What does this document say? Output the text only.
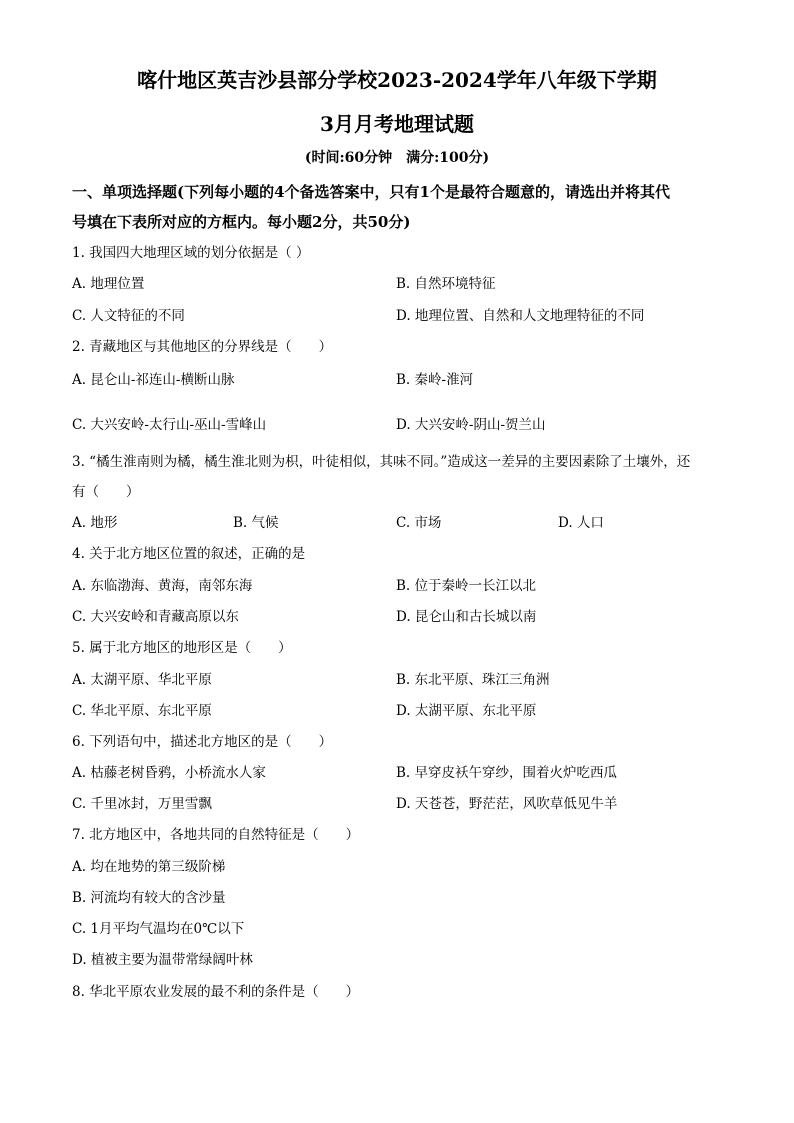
喀什地区英吉沙县部分学校2023-2024学年八年级下学期
3月月考地理试题
(时间:60分钟　满分:100分)
一、单项选择题(下列每小题的4个备选答案中，只有1个是最符合题意的，请选出并将其代
号填在下表所对应的方框内。每小题2分，共50分)
1. 我国四大地理区域的划分依据是（ ）
A. 地理位置	B. 自然环境特征
C. 人文特征的不同	D. 地理位置、自然和人文地理特征的不同
2. 青藏地区与其他地区的分界线是（　　）
A. 昆仑山-祁连山-横断山脉	B. 秦岭-淮河
C. 大兴安岭-太行山-巫山-雪峰山	D. 大兴安岭-阴山-贺兰山
3. “橘生淮南则为橘，橘生淮北则为枳，叶徒相似，其味不同。”造成这一差异的主要因素除了土壤外，还
有（　　）
A. 地形	B. 气候	C. 市场	D. 人口
4. 关于北方地区位置的叙述，正确的是
A. 东临渤海、黄海，南邻东海	B. 位于秦岭一长江以北
C. 大兴安岭和青藏高原以东	D. 昆仑山和古长城以南
5. 属于北方地区的地形区是（　　）
A. 太湖平原、华北平原	B. 东北平原、珠江三角洲
C. 华北平原、东北平原	D. 太湖平原、东北平原
6. 下列语句中，描述北方地区的是（　　）
A. 枯藤老树昏鸦，小桥流水人家	B. 早穿皮袄午穿纱，围着火炉吃西瓜
C. 千里冰封，万里雪飘	D. 天苍苍，野茫茫，风吹草低见牛羊
7. 北方地区中，各地共同的自然特征是（　　）
A. 均在地势的第三级阶梯
B. 河流均有较大的含沙量
C. 1月平均气温均在0℃以下
D. 植被主要为温带常绿阔叶林
8. 华北平原农业发展的最不利的条件是（　　）
